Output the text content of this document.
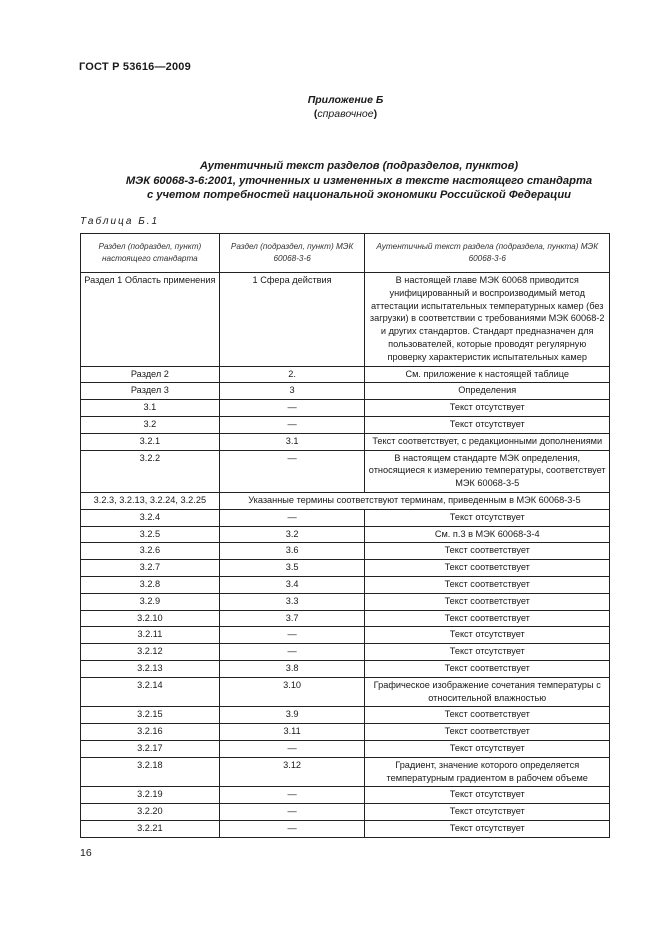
ГОСТ Р 53616—2009
Приложение Б
(справочное)
Аутентичный текст разделов (подразделов, пунктов)
МЭК 60068-3-6:2001, уточненных и измененных в тексте настоящего стандарта
с учетом потребностей национальной экономики Российской Федерации
Таблица Б.1
Раздел (подраздел, пункт) настоящего стандарта	Раздел (подраздел, пункт) МЭК 60068-3-6	Аутентичный текст раздела (подраздела, пункта) МЭК 60068-3-6
Раздел 1 Область применения	1 Сфера действия	В настоящей главе МЭК 60068 приводится унифицированный и воспроизводимый метод аттестации испытательных температурных камер (без загрузки) в соответствии с требованиями МЭК 60068-2 и других стандартов. Стандарт предназначен для пользователей, которые проводят регулярную проверку характеристик испытательных камер
Раздел 2	2.	См. приложение к настоящей таблице
Раздел 3	3	Определения
3.1	—	Текст отсутствует
3.2	—	Текст отсутствует
3.2.1	3.1	Текст соответствует, с редакционными дополнениями
3.2.2	—	В настоящем стандарте МЭК определения, относящиеся к измерению температуры, соответствует МЭК 60068-3-5
3.2.3, 3.2.13, 3.2.24, 3.2.25	Указанные термины соответствуют терминам, приведенным в МЭК 60068-3-5	
3.2.4	—	Текст отсутствует
3.2.5	3.2	См. п.3 в МЭК 60068-3-4
3.2.6	3.6	Текст соответствует
3.2.7	3.5	Текст соответствует
3.2.8	3.4	Текст соответствует
3.2.9	3.3	Текст соответствует
3.2.10	3.7	Текст соответствует
3.2.11	—	Текст отсутствует
3.2.12	—	Текст отсутствует
3.2.13	3.8	Текст соответствует
3.2.14	3.10	Графическое изображение сочетания температуры с относительной влажностью
3.2.15	3.9	Текст соответствует
3.2.16	3.11	Текст соответствует
3.2.17	—	Текст отсутствует
3.2.18	3.12	Градиент, значение которого определяется температурным градиентом в рабочем объеме
3.2.19	—	Текст отсутствует
3.2.20	—	Текст отсутствует
3.2.21	—	Текст отсутствует
16
